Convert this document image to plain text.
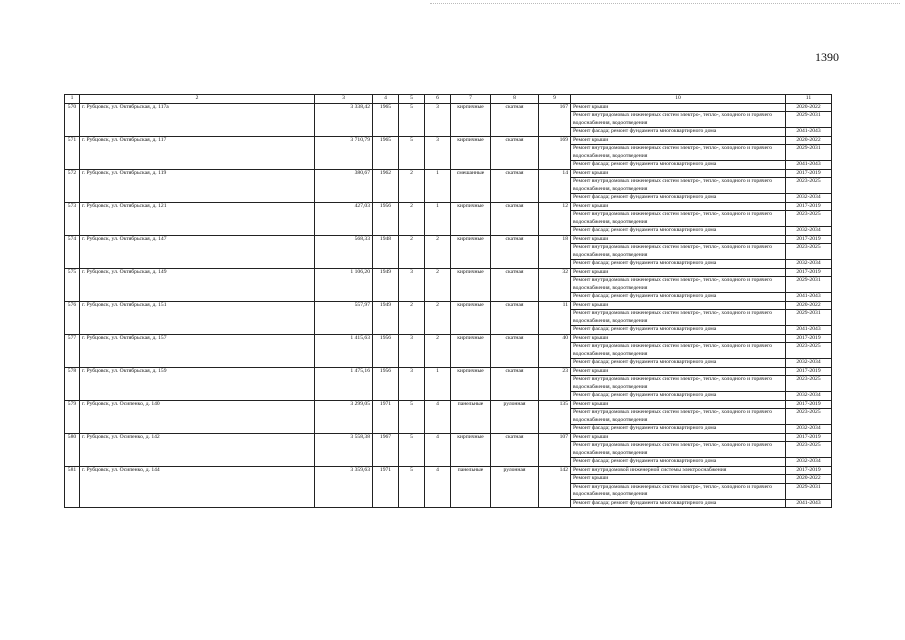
1390
1	2	3	4	5	6	7	8	9	10	11
570	г. Рубцовск, ул. Октябрьская, д. 117а	3 338,42	1965	5	3	кирпичные	скатная	167	Ремонт крыши	2020-2022
									Ремонт внутридомовых инженерных систем электро-, тепло-, холодного и горячего водоснабжения, водоотведения	2029-2031
									Ремонт фасада; ремонт фундамента многоквартирного дома	2041-2043
571	г. Рубцовск, ул. Октябрьская, д. 117	3 710,79	1965	5	3	кирпичные	скатная	169	Ремонт крыши	2020-2022
									Ремонт внутридомовых инженерных систем электро-, тепло-, холодного и горячего водоснабжения, водоотведения	2029-2031
									Ремонт фасада; ремонт фундамента многоквартирного дома	2041-2043
572	г. Рубцовск, ул. Октябрьская, д. 119	380,67	1962	2	1	смешанные	скатная	14	Ремонт крыши	2017-2019
									Ремонт внутридомовых инженерных систем электро-, тепло-, холодного и горячего водоснабжения, водоотведения	2023-2025
									Ремонт фасада; ремонт фундамента многоквартирного дома	2032-2034
573	г. Рубцовск, ул. Октябрьская, д. 121	427,03	1956	2	1	кирпичные	скатная	12	Ремонт крыши	2017-2019
									Ремонт внутридомовых инженерных систем электро-, тепло-, холодного и горячего водоснабжения, водоотведения	2023-2025
									Ремонт фасада; ремонт фундамента многоквартирного дома	2032-2034
574	г. Рубцовск, ул. Октябрьская, д. 147	568,33	1948	2	2	кирпичные	скатная	18	Ремонт крыши	2017-2019
									Ремонт внутридомовых инженерных систем электро-, тепло-, холодного и горячего водоснабжения, водоотведения	2023-2025
									Ремонт фасада; ремонт фундамента многоквартирного дома	2032-2034
575	г. Рубцовск, ул. Октябрьская, д. 149	1 106,20	1949	3	2	кирпичные	скатная	32	Ремонт крыши	2017-2019
									Ремонт внутридомовых инженерных систем электро-, тепло-, холодного и горячего водоснабжения, водоотведения	2029-2031
									Ремонт фасада; ремонт фундамента многоквартирного дома	2041-2043
576	г. Рубцовск, ул. Октябрьская, д. 151	557,97	1949	2	2	кирпичные	скатная	11	Ремонт крыши	2020-2022
									Ремонт внутридомовых инженерных систем электро-, тепло-, холодного и горячего водоснабжения, водоотведения	2029-2031
									Ремонт фасада; ремонт фундамента многоквартирного дома	2041-2043
577	г. Рубцовск, ул. Октябрьская, д. 157	1 415,63	1956	3	2	кирпичные	скатная	40	Ремонт крыши	2017-2019
									Ремонт внутридомовых инженерных систем электро-, тепло-, холодного и горячего водоснабжения, водоотведения	2023-2025
									Ремонт фасада; ремонт фундамента многоквартирного дома	2032-2034
578	г. Рубцовск, ул. Октябрьская, д. 159	1 475,16	1956	3	1	кирпичные	скатная	23	Ремонт крыши	2017-2019
									Ремонт внутридомовых инженерных систем электро-, тепло-, холодного и горячего водоснабжения, водоотведения	2023-2025
									Ремонт фасада; ремонт фундамента многоквартирного дома	2032-2034
579	г. Рубцовск, ул. Осипенко, д. 140	3 299,05	1971	5	4	панельные	рулонная	135	Ремонт крыши	2017-2019
									Ремонт внутридомовых инженерных систем электро-, тепло-, холодного и горячего водоснабжения, водоотведения	2023-2025
									Ремонт фасада; ремонт фундамента многоквартирного дома	2032-2034
580	г. Рубцовск, ул. Осипенко, д. 142	3 558,38	1967	5	4	кирпичные	скатная	107	Ремонт крыши	2017-2019
									Ремонт внутридомовых инженерных систем электро-, тепло-, холодного и горячего водоснабжения, водоотведения	2023-2025
									Ремонт фасада; ремонт фундамента многоквартирного дома	2032-2034
581	г. Рубцовск, ул. Осипенко, д. 144	3 359,63	1971	5	4	панельные	рулонная	142	Ремонт внутридомовой инженерной системы электроснабжения	2017-2019
									Ремонт крыши	2020-2022
									Ремонт внутридомовых инженерных систем электро-, тепло-, холодного и горячего водоснабжения, водоотведения	2029-2031
									Ремонт фасада; ремонт фундамента многоквартирного дома	2041-2043
